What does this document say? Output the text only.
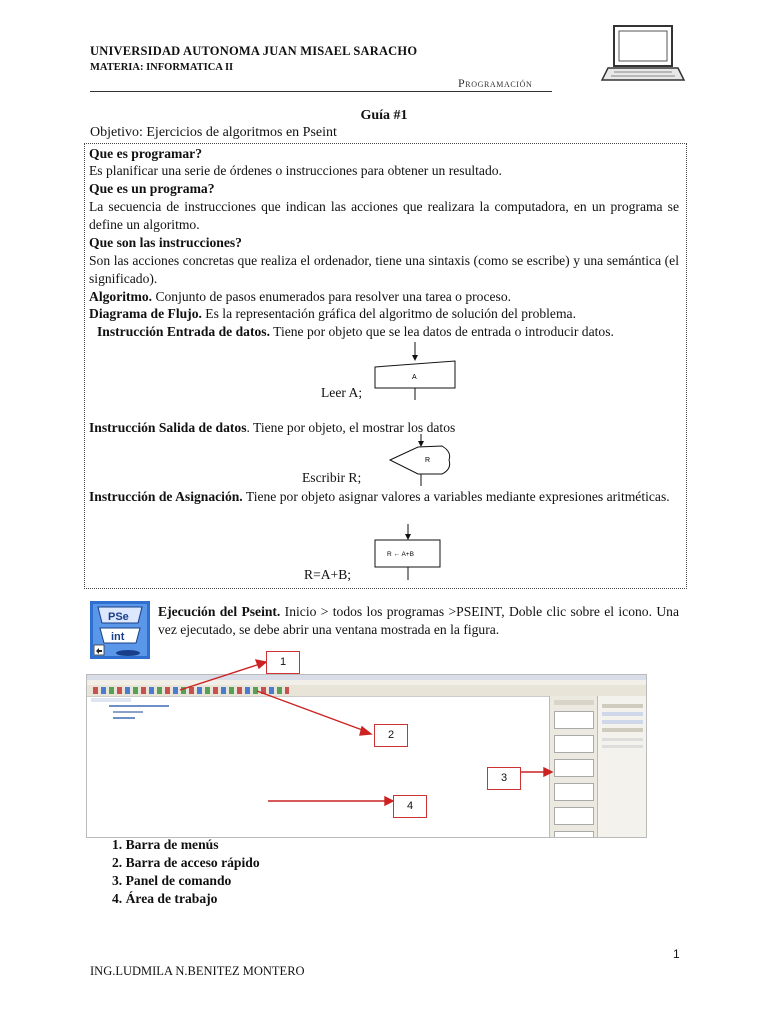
UNIVERSIDAD AUTONOMA JUAN MISAEL SARACHO
MATERIA: INFORMATICA II
Programación
Guía #1
Objetivo: Ejercicios de algoritmos en Pseint
Que es programar?
Es planificar una serie de órdenes o instrucciones para obtener un resultado.
Que es un programa?
La secuencia de instrucciones que indican las acciones que realizara la computadora, en un programa se define un algoritmo.
Que son las instrucciones?
Son las acciones concretas que realiza el ordenador, tiene una sintaxis (como se escribe) y una semántica (el significado).
Algoritmo. Conjunto de pasos enumerados para resolver una tarea o proceso.
Diagrama de Flujo. Es la representación gráfica del algoritmo de solución del problema.
Instrucción Entrada de datos. Tiene por objeto que se lea datos de entrada o introducir datos.
A
Leer A;
Instrucción Salida de datos. Tiene por objeto, el mostrar los datos
R
Escribir R;
Instrucción de Asignación. Tiene por objeto asignar valores a variables mediante expresiones aritméticas.
R ← A+B
R=A+B;
PSe
int
Ejecución del Pseint. Inicio > todos los programas >PSEINT, Doble clic sobre el icono. Una vez ejecutado, se debe abrir una ventana mostrada en la figura.
1
2
3
4
1. Barra de menús
2. Barra de acceso rápido
3. Panel de comando
4. Área de trabajo
1
ING.LUDMILA N.BENITEZ MONTERO
